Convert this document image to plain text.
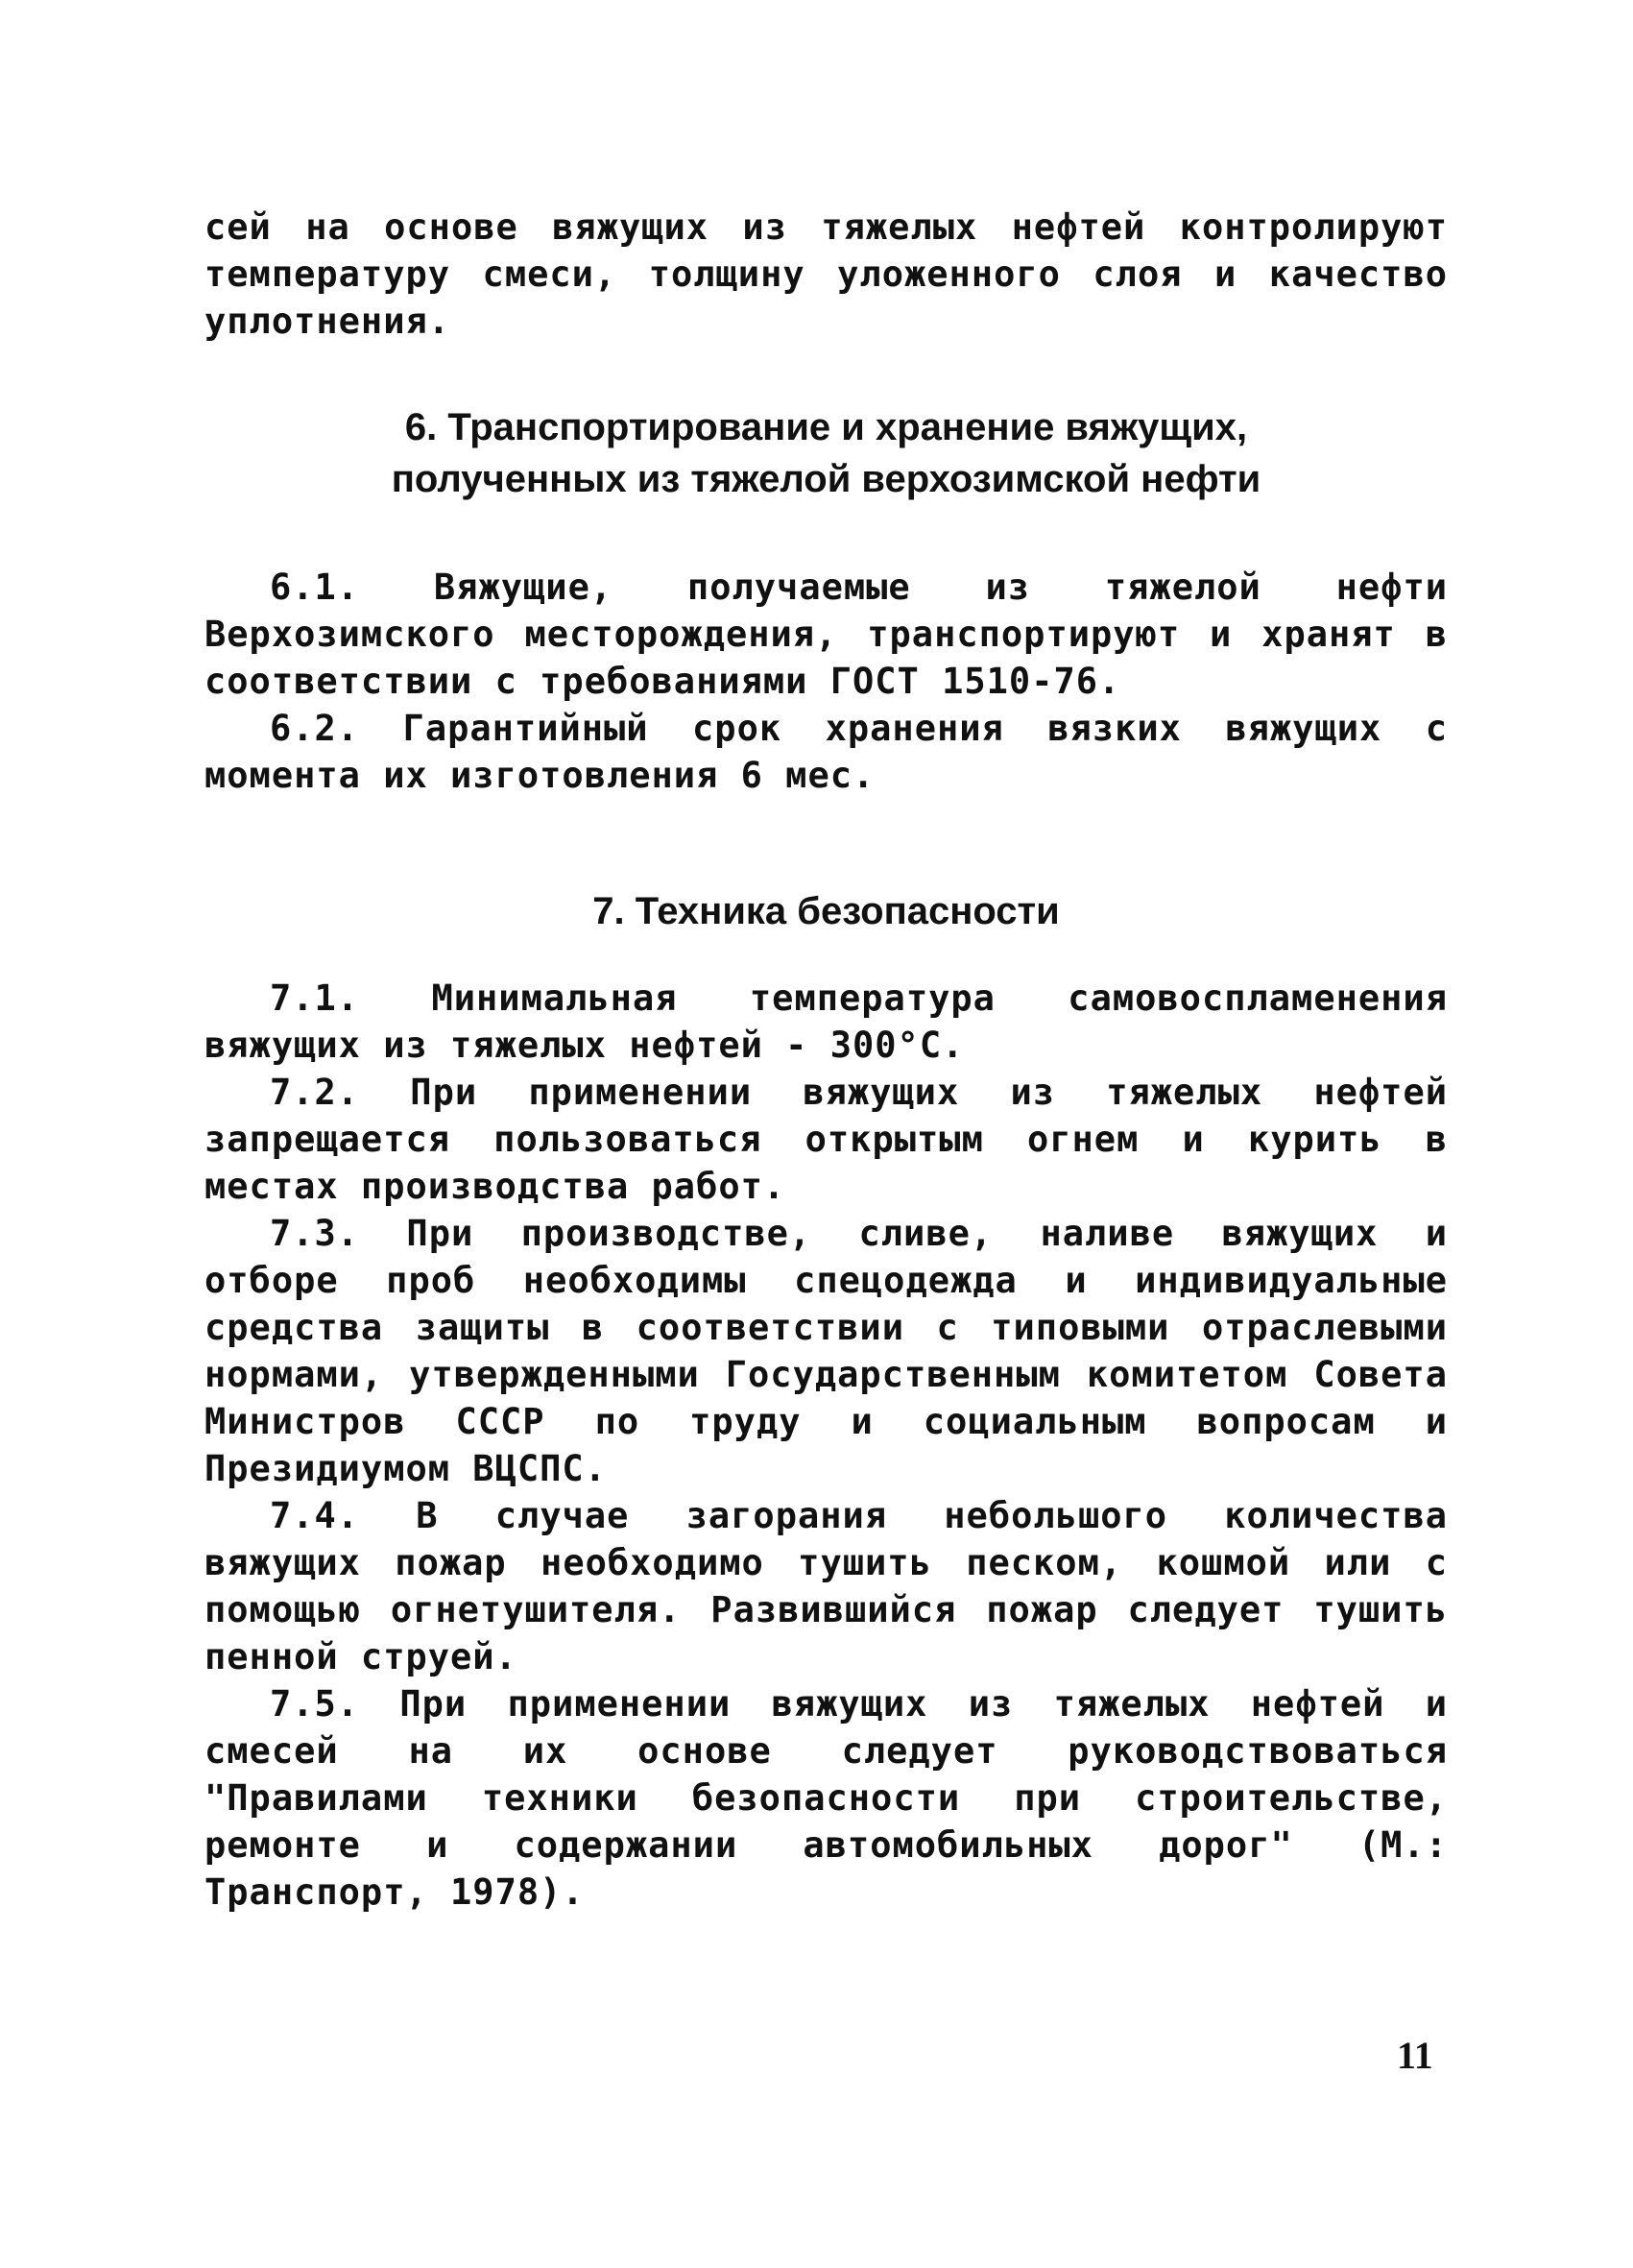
сей на основе вяжущих из тяжелых нефтей контролируют температуру смеси, толщину уложенного слоя и качество уплотнения.

6. Транспортирование и хранение вяжущих,
полученных из тяжелой верхозимской нефти

6.1. Вяжущие, получаемые из тяжелой нефти Верхозимского месторождения, транспортируют и хранят в соответствии с требованиями ГОСТ 1510-76.

6.2. Гарантийный срок хранения вязких вяжущих с момента их изготовления 6 мес.

7. Техника безопасности

7.1. Минимальная температура самовоспламенения вяжущих из тяжелых нефтей - 300°С.

7.2. При применении вяжущих из тяжелых нефтей запрещается пользоваться открытым огнем и курить в местах производства работ.

7.3. При производстве, сливе, наливе вяжущих и отборе проб необходимы спецодежда и индивидуальные средства защиты в соответствии с типовыми отраслевыми нормами, утвержденными Государственным комитетом Совета Министров СССР по труду и социальным вопросам и Президиумом ВЦСПС.

7.4. В случае загорания небольшого количества вяжущих пожар необходимо тушить песком, кошмой или с помощью огнетушителя. Развившийся пожар следует тушить пенной струей.

7.5. При применении вяжущих из тяжелых нефтей и смесей на их основе следует руководствоваться "Правилами техники безопасности при строительстве, ремонте и содержании автомобильных дорог" (М.: Транспорт, 1978).

11
